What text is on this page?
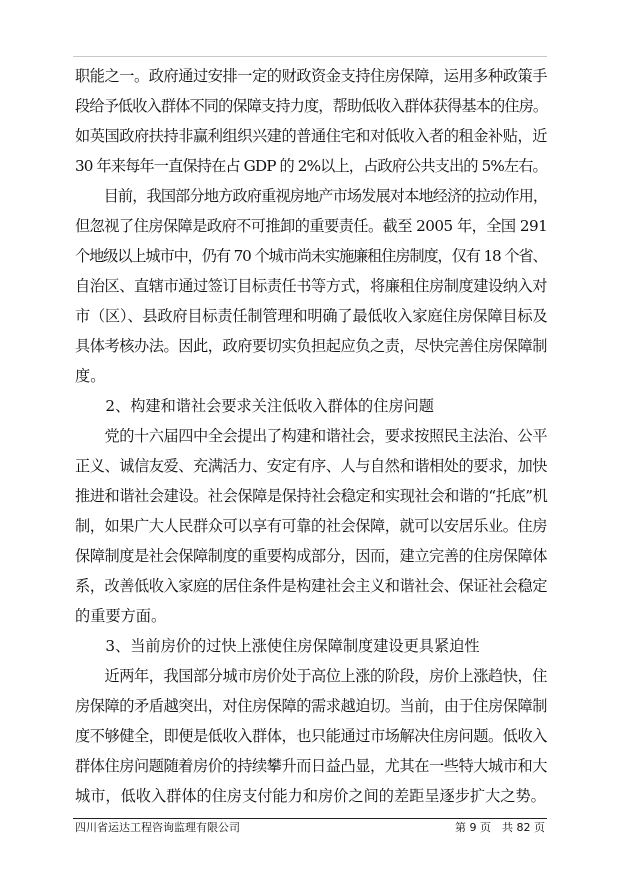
职能之一。政府通过安排一定的财政资金支持住房保障，运用多种政策手
段给予低收入群体不同的保障支持力度，帮助低收入群体获得基本的住房。
如英国政府扶持非赢利组织兴建的普通住宅和对低收入者的租金补贴，近
30 年来每年一直保持在占 GDP 的 2%以上，占政府公共支出的 5%左右。
　　目前，我国部分地方政府重视房地产市场发展对本地经济的拉动作用，
但忽视了住房保障是政府不可推卸的重要责任。截至 2005 年，全国 291
个地级以上城市中，仍有 70 个城市尚未实施廉租住房制度，仅有 18 个省、
自治区、直辖市通过签订目标责任书等方式，将廉租住房制度建设纳入对
市（区）、县政府目标责任制管理和明确了最低收入家庭住房保障目标及
具体考核办法。因此，政府要切实负担起应负之责，尽快完善住房保障制
度。
　　2、构建和谐社会要求关注低收入群体的住房问题
　　党的十六届四中全会提出了构建和谐社会，要求按照民主法治、公平
正义、诚信友爱、充满活力、安定有序、人与自然和谐相处的要求，加快
推进和谐社会建设。社会保障是保持社会稳定和实现社会和谐的“托底”机
制，如果广大人民群众可以享有可靠的社会保障，就可以安居乐业。住房
保障制度是社会保障制度的重要构成部分，因而，建立完善的住房保障体
系，改善低收入家庭的居住条件是构建社会主义和谐社会、保证社会稳定
的重要方面。
　　3、当前房价的过快上涨使住房保障制度建设更具紧迫性
　　近两年，我国部分城市房价处于高位上涨的阶段，房价上涨趋快，住
房保障的矛盾越突出，对住房保障的需求越迫切。当前，由于住房保障制
度不够健全，即便是低收入群体，也只能通过市场解决住房问题。低收入
群体住房问题随着房价的持续攀升而日益凸显，尤其在一些特大城市和大
城市，低收入群体的住房支付能力和房价之间的差距呈逐步扩大之势。
四川省运达工程咨询监理有限公司	第 9 页　共 82 页
